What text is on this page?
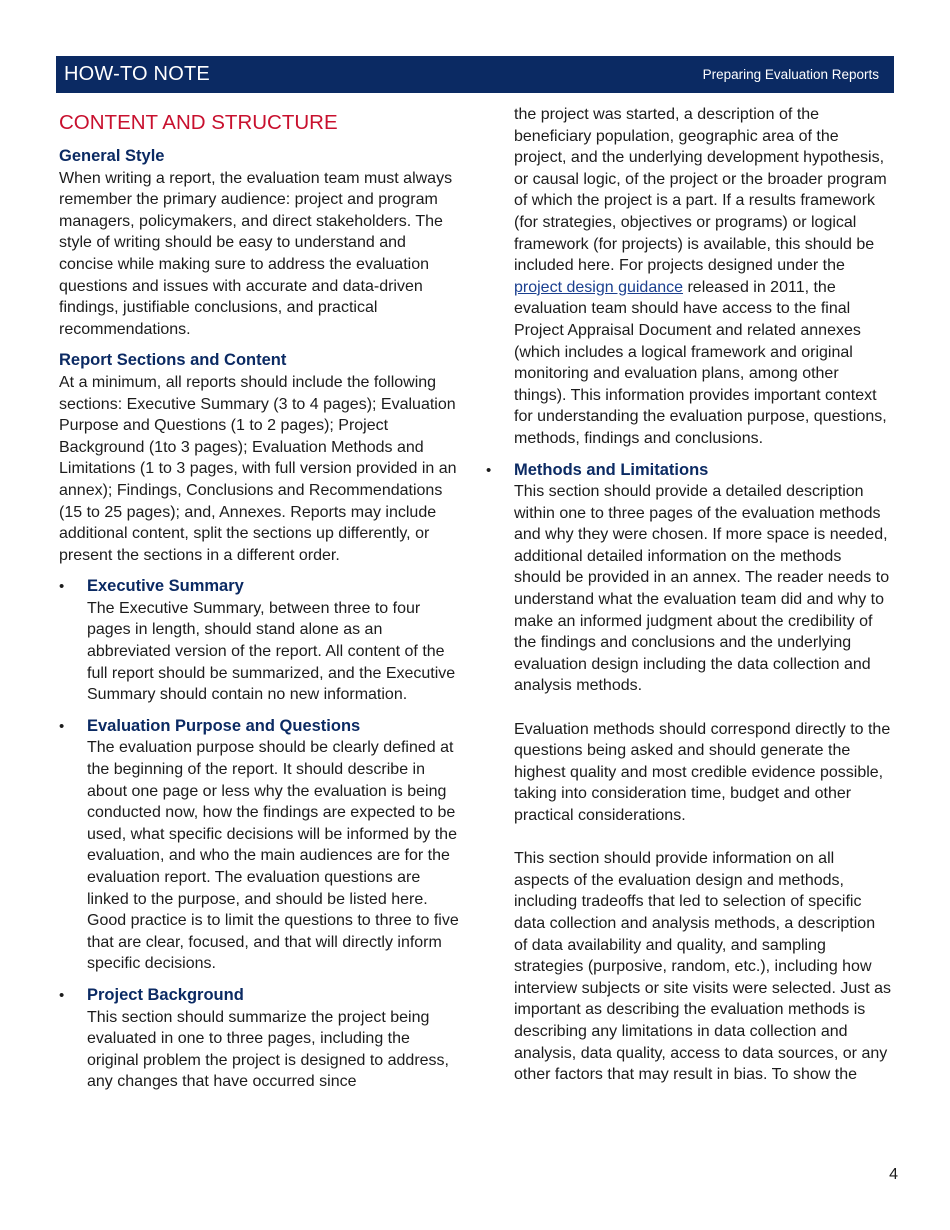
HOW-TO NOTE	Preparing Evaluation Reports
CONTENT AND STRUCTURE
General Style
When writing a report, the evaluation team must always remember the primary audience: project and program managers, policymakers, and direct stakeholders. The style of writing should be easy to understand and concise while making sure to address the evaluation questions and issues with accurate and data-driven findings, justifiable conclusions, and practical recommendations.
Report Sections and Content
At a minimum, all reports should include the following sections: Executive Summary (3 to 4 pages); Evaluation Purpose and Questions (1 to 2 pages); Project Background (1to 3 pages); Evaluation Methods and Limitations (1 to 3 pages, with full version provided in an annex); Findings, Conclusions and Recommendations (15 to 25 pages); and, Annexes. Reports may include additional content, split the sections up differently, or present the sections in a different order.
• Executive Summary
The Executive Summary, between three to four pages in length, should stand alone as an abbreviated version of the report. All content of the full report should be summarized, and the Executive Summary should contain no new information.
• Evaluation Purpose and Questions
The evaluation purpose should be clearly defined at the beginning of the report. It should describe in about one page or less why the evaluation is being conducted now, how the findings are expected to be used, what specific decisions will be informed by the evaluation, and who the main audiences are for the evaluation report. The evaluation questions are linked to the purpose, and should be listed here. Good practice is to limit the questions to three to five that are clear, focused, and that will directly inform specific decisions.
• Project Background
This section should summarize the project being evaluated in one to three pages, including the original problem the project is designed to address, any changes that have occurred since
the project was started, a description of the beneficiary population, geographic area of the project, and the underlying development hypothesis, or causal logic, of the project or the broader program of which the project is a part. If a results framework (for strategies, objectives or programs) or logical framework (for projects) is available, this should be included here. For projects designed under the project design guidance released in 2011, the evaluation team should have access to the final Project Appraisal Document and related annexes (which includes a logical framework and original monitoring and evaluation plans, among other things). This information provides important context for understanding the evaluation purpose, questions, methods, findings and conclusions.
• Methods and Limitations
This section should provide a detailed description within one to three pages of the evaluation methods and why they were chosen. If more space is needed, additional detailed information on the methods should be provided in an annex. The reader needs to understand what the evaluation team did and why to make an informed judgment about the credibility of the findings and conclusions and the underlying evaluation design including the data collection and analysis methods.
Evaluation methods should correspond directly to the questions being asked and should generate the highest quality and most credible evidence possible, taking into consideration time, budget and other practical considerations.
This section should provide information on all aspects of the evaluation design and methods, including tradeoffs that led to selection of specific data collection and analysis methods, a description of data availability and quality, and sampling strategies (purposive, random, etc.), including how interview subjects or site visits were selected. Just as important as describing the evaluation methods is describing any limitations in data collection and analysis, data quality, access to data sources, or any other factors that may result in bias. To show the
4
